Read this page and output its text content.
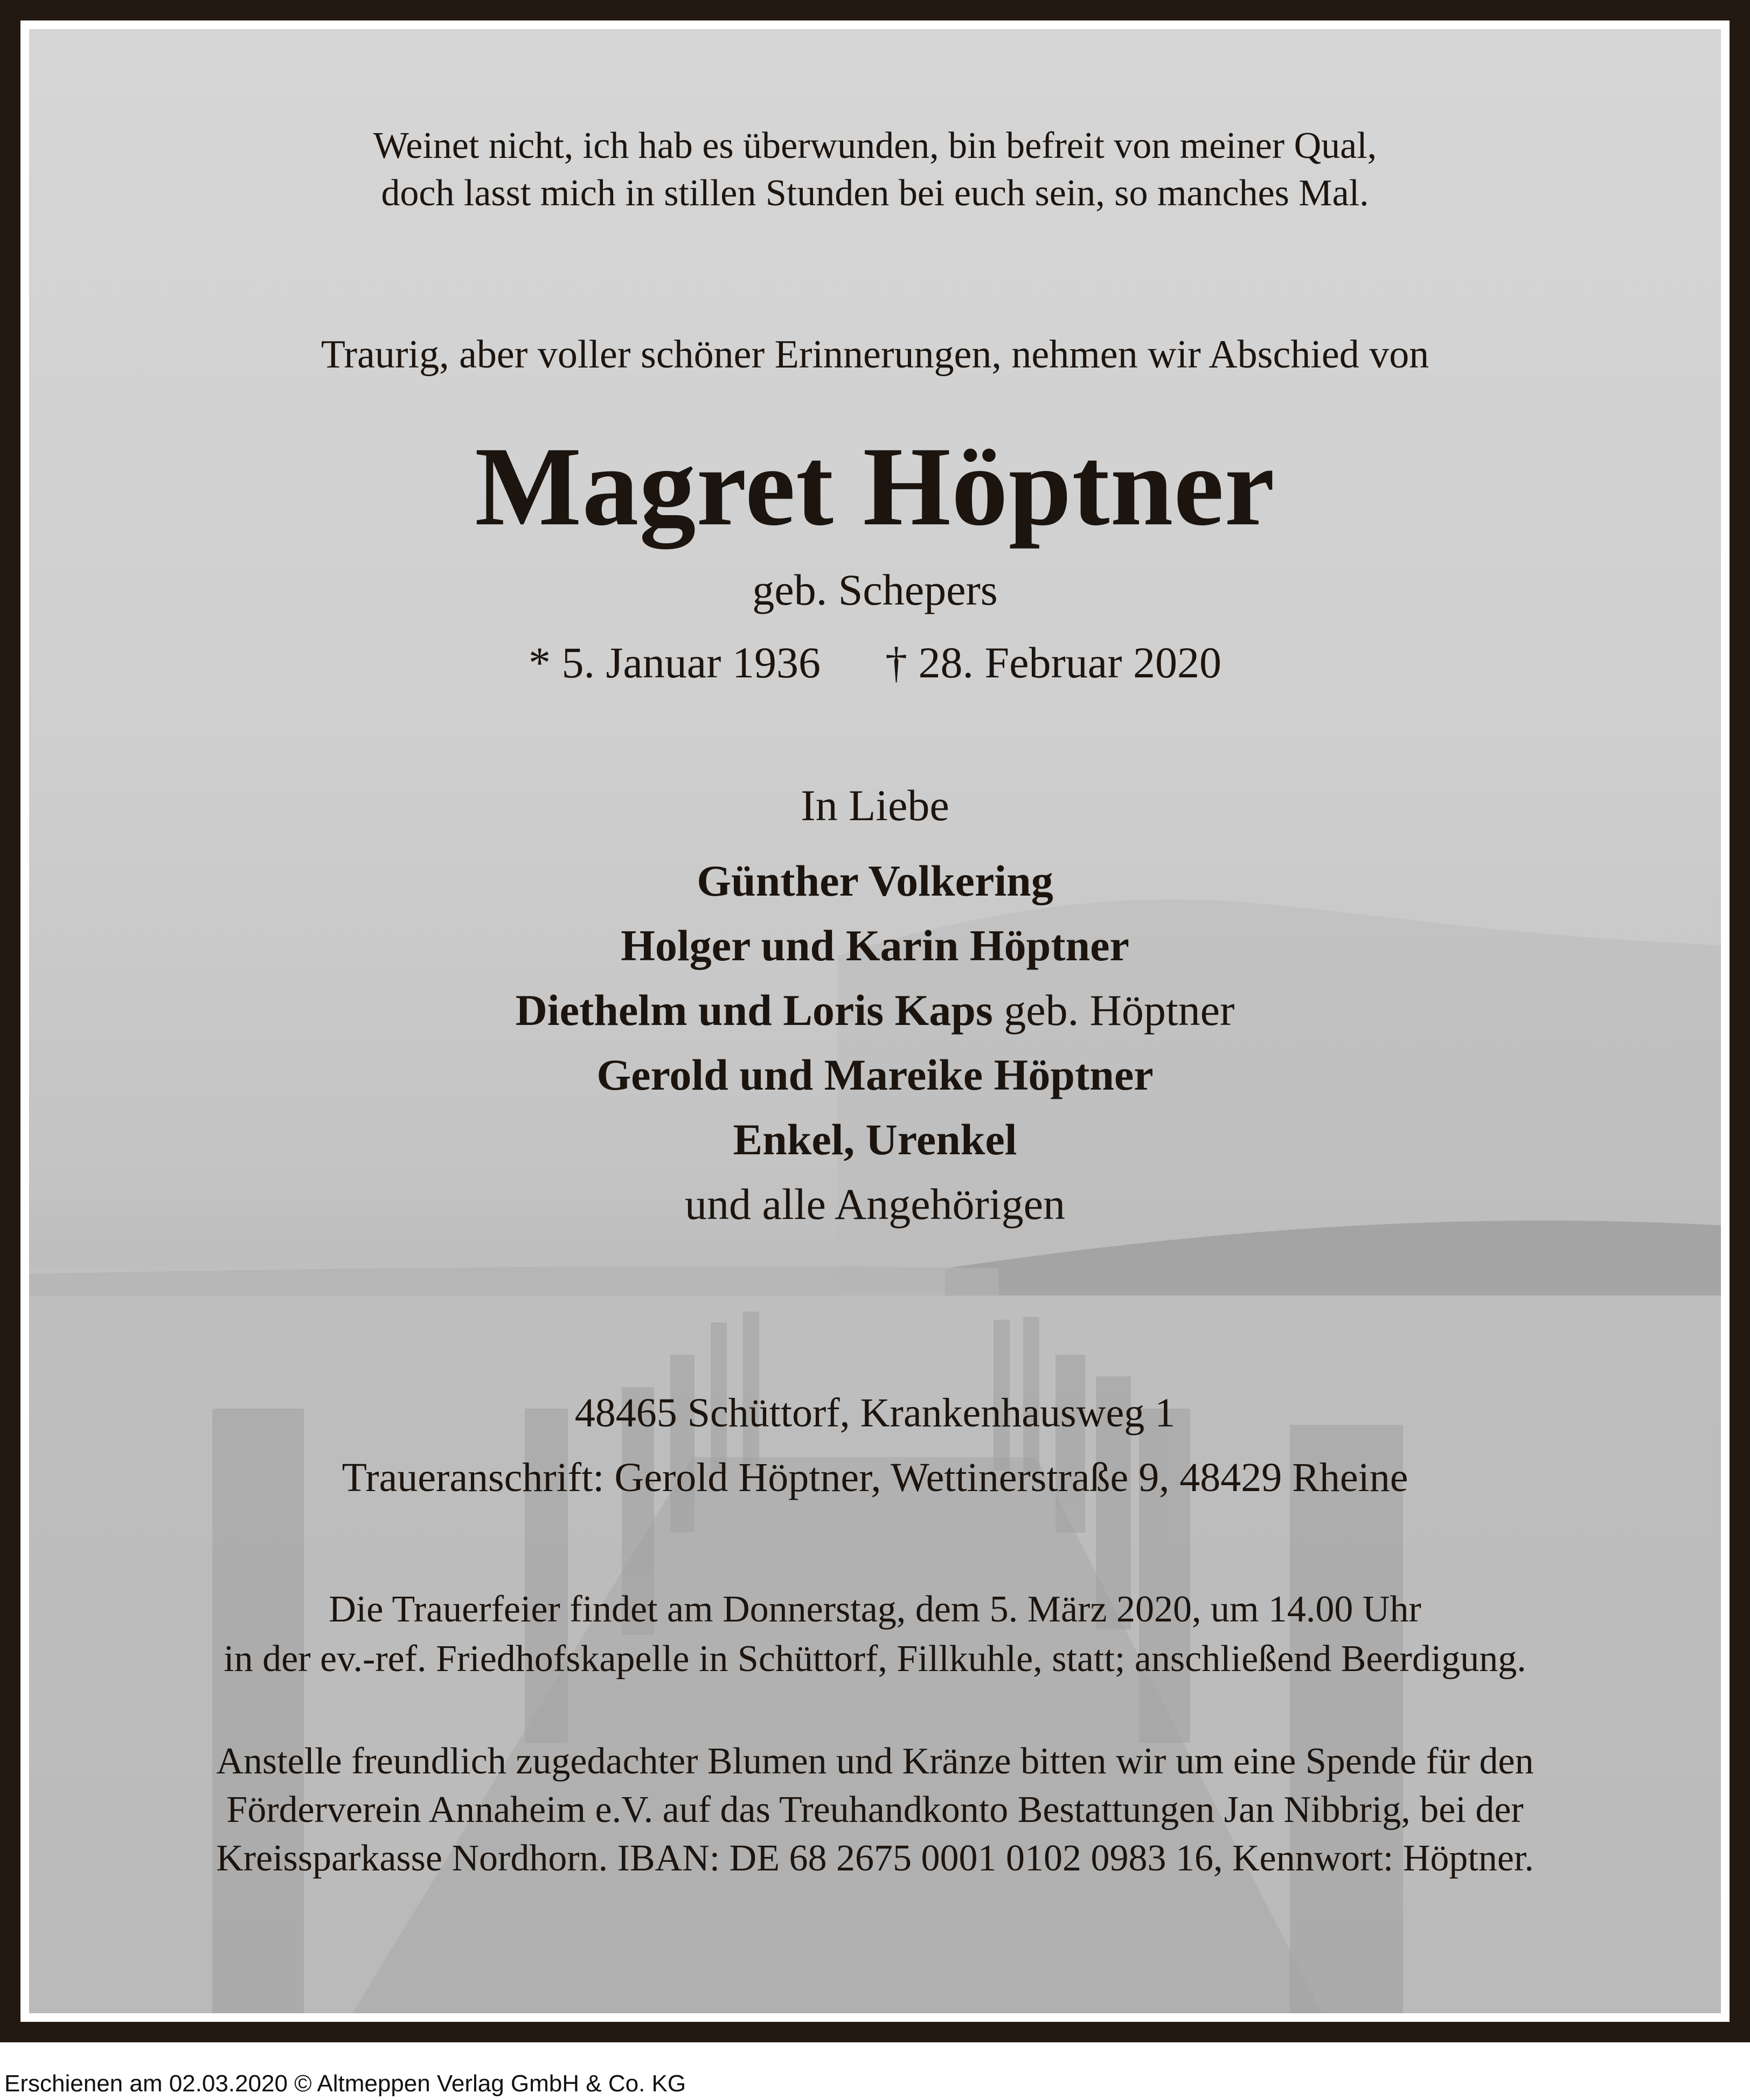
Weinet nicht, ich hab es überwunden, bin befreit von meiner Qual,
doch lasst mich in stillen Stunden bei euch sein, so manches Mal.
Traurig, aber voller schöner Erinnerungen, nehmen wir Abschied von
Magret Höptner
geb. Schepers
* 5. Januar 1936 † 28. Februar 2020
In Liebe
Günther Volkering
Holger und Karin Höptner
Diethelm und Loris Kaps geb. Höptner
Gerold und Mareike Höptner
Enkel, Urenkel
und alle Angehörigen
48465 Schüttorf, Krankenhausweg 1
Traueranschrift: Gerold Höptner, Wettinerstraße 9, 48429 Rheine
Die Trauerfeier findet am Donnerstag, dem 5. März 2020, um 14.00 Uhr
in der ev.-ref. Friedhofskapelle in Schüttorf, Fillkuhle, statt; anschließend Beerdigung.
Anstelle freundlich zugedachter Blumen und Kränze bitten wir um eine Spende für den
Förderverein Annaheim e.V. auf das Treuhandkonto Bestattungen Jan Nibbrig, bei der
Kreissparkasse Nordhorn. IBAN: DE 68 2675 0001 0102 0983 16, Kennwort: Höptner.
Erschienen am 02.03.2020 © Altmeppen Verlag GmbH & Co. KG
